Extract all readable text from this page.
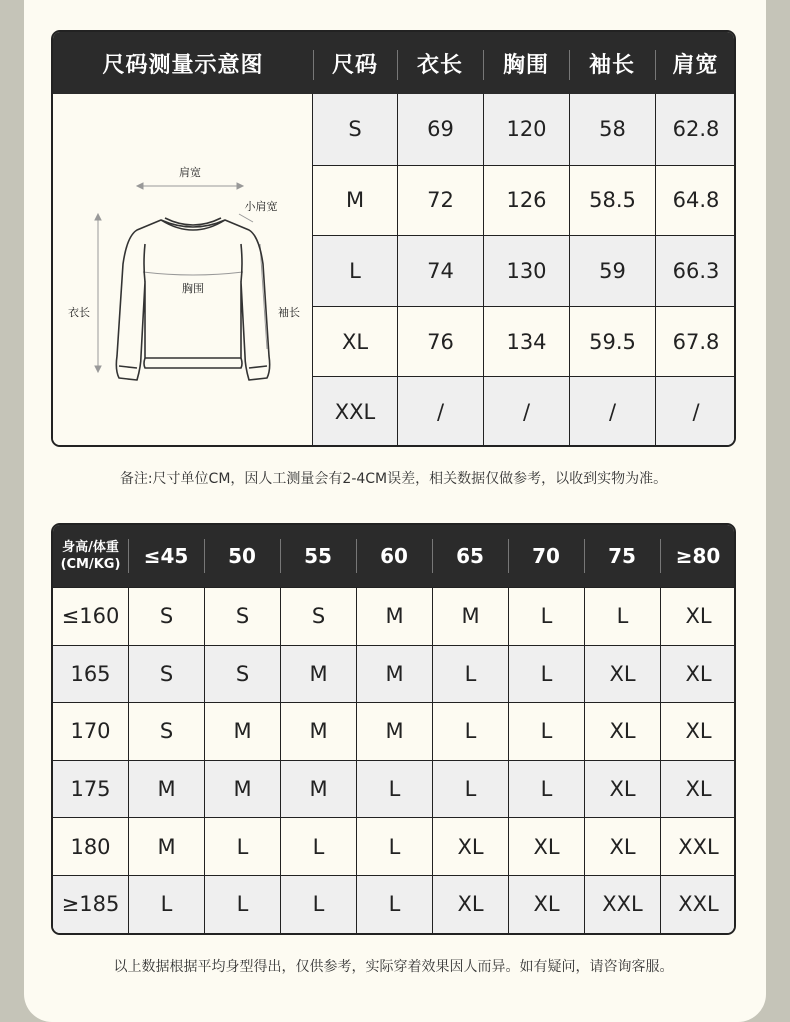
尺码测量示意图	尺码	衣长	胸围	袖长	肩宽
肩宽
小肩宽
胸围
衣长	袖长
S	69	120	58	62.8
M	72	126	58.5	64.8
L	74	130	59	66.3
XL	76	134	59.5	67.8
XXL	/	/	/	/
备注:尺寸单位CM，因人工测量会有2-4CM误差，相关数据仅做参考，以收到实物为准。
身高/体重
(CM/KG)	≤45	50	55	60	65	70	75	≥80
≤160	S	S	S	M	M	L	L	XL
165	S	S	M	M	L	L	XL	XL
170	S	M	M	M	L	L	XL	XL
175	M	M	M	L	L	L	XL	XL
180	M	L	L	L	XL	XL	XL	XXL
≥185	L	L	L	L	XL	XL	XXL	XXL
以上数据根据平均身型得出，仅供参考，实际穿着效果因人而异。如有疑问，请咨询客服。
